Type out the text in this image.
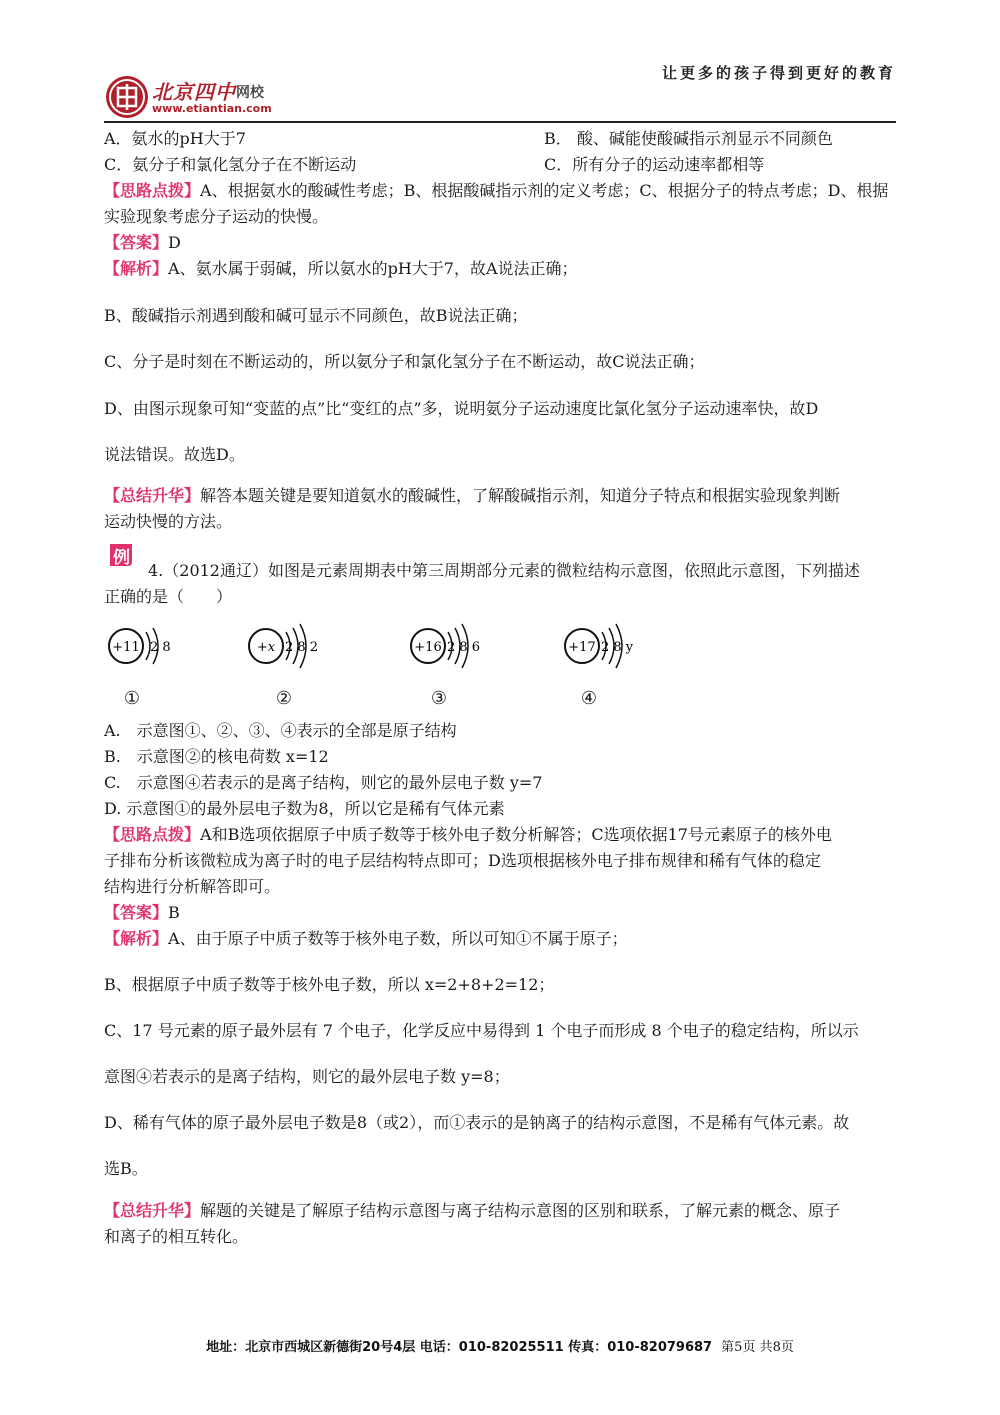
让更多的孩子得到更好的教育
北京四中 网校
www.etiantian.com
A．氨水的pH大于7	B． 酸、碱能使酸碱指示剂显示不同颜色
C．氨分子和氯化氢分子在不断运动	C．所有分子的运动速率都相等
【思路点拨】A、根据氨水的酸碱性考虑；B、根据酸碱指示剂的定义考虑；C、根据分子的特点考虑；D、根据
实验现象考虑分子运动的快慢。
【答案】D
【解析】A、氨水属于弱碱，所以氨水的pH大于7，故A说法正确；
B、酸碱指示剂遇到酸和碱可显示不同颜色，故B说法正确；
C、分子是时刻在不断运动的，所以氨分子和氯化氢分子在不断运动，故C说法正确；
D、由图示现象可知“变蓝的点”比“变红的点”多，说明氨分子运动速度比氯化氢分子运动速率快，故D
说法错误。故选D。
【总结升华】解答本题关键是要知道氨水的酸碱性，了解酸碱指示剂，知道分子特点和根据实验现象判断
运动快慢的方法。
例
4.（2012通辽）如图是元素周期表中第三周期部分元素的微粒结构示意图，依照此示意图，下列描述
正确的是（　　）
+11 2 8
①
+x 2 8 2
②
+16 2 8 6
③
+17 2 8 y
④
A.　示意图①、②、③、④表示的全部是原子结构
B.　示意图②的核电荷数 x=12
C.　示意图④若表示的是离子结构，则它的最外层电子数 y=7
D. 示意图①的最外层电子数为8，所以它是稀有气体元素
【思路点拨】A和B选项依据原子中质子数等于核外电子数分析解答；C选项依据17号元素原子的核外电
子排布分析该微粒成为离子时的电子层结构特点即可；D选项根据核外电子排布规律和稀有气体的稳定
结构进行分析解答即可。
【答案】B
【解析】A、由于原子中质子数等于核外电子数，所以可知①不属于原子；
B、根据原子中质子数等于核外电子数，所以 x=2+8+2=12；
C、17 号元素的原子最外层有 7 个电子，化学反应中易得到 1 个电子而形成 8 个电子的稳定结构，所以示
意图④若表示的是离子结构，则它的最外层电子数 y=8；
D、稀有气体的原子最外层电子数是8（或2），而①表示的是钠离子的结构示意图，不是稀有气体元素。故
选B。
【总结升华】解题的关键是了解原子结构示意图与离子结构示意图的区别和联系，了解元素的概念、原子
和离子的相互转化。
地址：北京市西城区新德街20号4层 电话：010-82025511 传真：010-82079687 第5页 共8页
